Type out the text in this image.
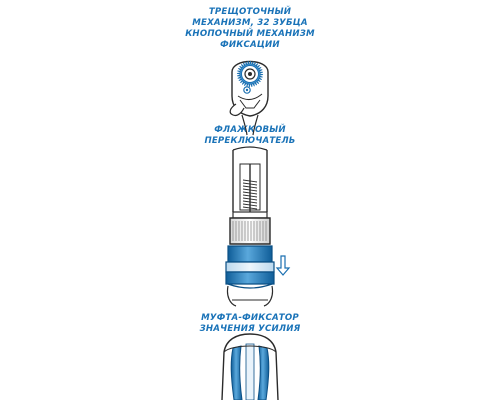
ТРЕЩОТОЧНЫЙ
МЕХАНИЗМ, 32 ЗУБЦА
КНОПОЧНЫЙ МЕХАНИЗМ
ФИКСАЦИИ
ФЛАЖКОВЫЙ
ПЕРЕКЛЮЧАТЕЛЬ
МУФТА-ФИКСАТОР
ЗНАЧЕНИЯ УСИЛИЯ
